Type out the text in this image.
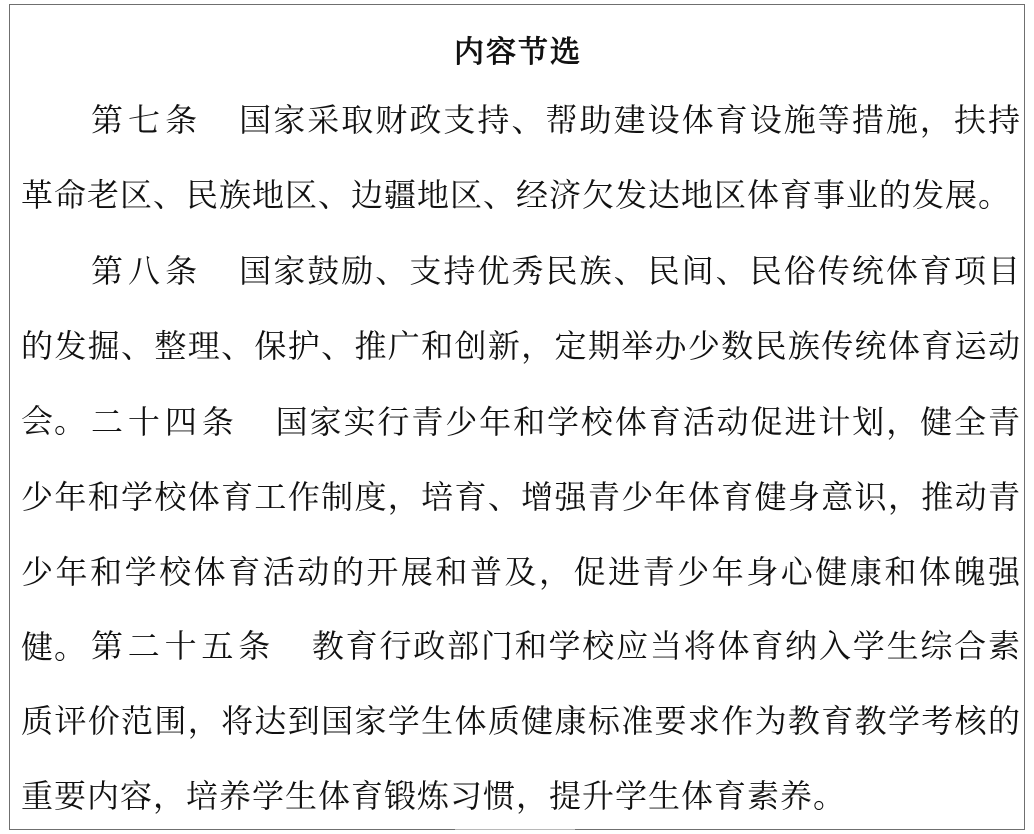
内容节选
第七条 国家采取财政支持、帮助建设体育设施等措施，扶持革命老区、民族地区、边疆地区、经济欠发达地区体育事业的发展。
第八条 国家鼓励、支持优秀民族、民间、民俗传统体育项目的发掘、整理、保护、推广和创新，定期举办少数民族传统体育运动会。 二十四条 国家实行青少年和学校体育活动促进计划，健全青少年和学校体育工作制度，培育、增强青少年体育健身意识，推动青少年和学校体育活动的开展和普及，促进青少年身心健康和体魄强健。 第二十五条 教育行政部门和学校应当将体育纳入学生综合素质评价范围，将达到国家学生体质健康标准要求作为教育教学考核的重要内容，培养学生体育锻炼习惯，提升学生体育素养。
